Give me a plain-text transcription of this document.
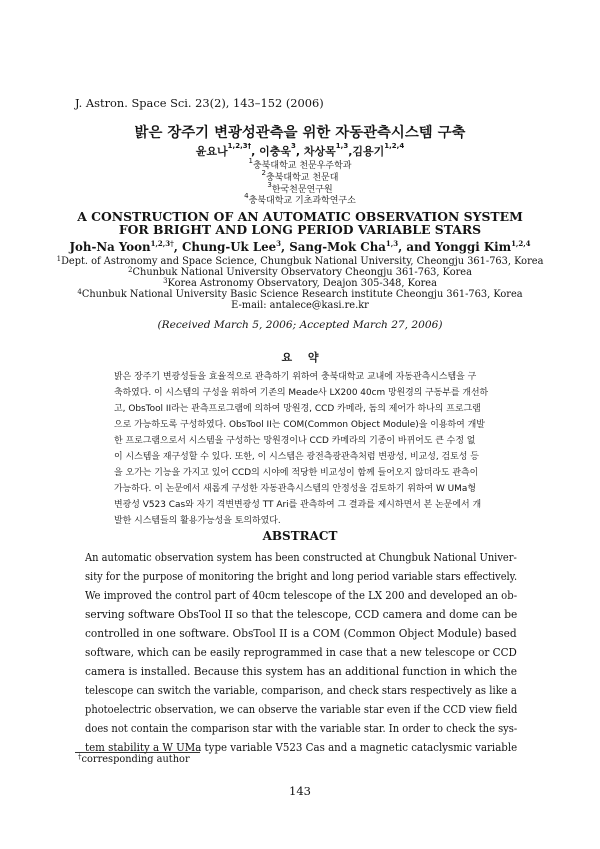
J. Astron. Space Sci. 23(2), 143–152 (2006)
밝은 장주기 변광성관측을 위한 자동관측시스템 구축
윤요나$^{1,2,3\dagger}$, 이충욱$^3$, 차상목$^{1,3}$,김용기$^{1,2,4}$
$^1$충북대학교 천문우주학과
$^2$충북대학교 천문대
$^3$한국천문연구원
$^4$충북대학교 기초과학연구소
A CONSTRUCTION OF AN AUTOMATIC OBSERVATION SYSTEM
FOR BRIGHT AND LONG PERIOD VARIABLE STARS
Joh-Na Yoon$^{1,2,3\dagger}$, Chung-Uk Lee$^3$, Sang-Mok Cha$^{1,3}$, and Yonggi Kim$^{1,2,4}$
$^1$Dept. of Astronomy and Space Science, Chungbuk National University, Cheongju 361-763, Korea
$^2$Chunbuk National University Observatory Cheongju 361-763, Korea
$^3$Korea Astronomy Observatory, Deajon 305-348, Korea
$^4$Chunbuk National University Basic Science Research institute Cheongju 361-763, Korea
E-mail: antalece@kasi.re.kr
(Received March 5, 2006; Accepted March 27, 2006)
요 약
밝은 장주기 변광성들을 효율적으로 관측하기 위하여 충북대학교 교내에 자동관측시스템을 구
축하였다. 이 시스템의 구성을 위하여 기존의 Meade사 LX200 40cm 망원경의 구동부를 개선하
고, ObsTool II라는 관측프로그램에 의하여 망원경, CCD 카메라, 돔의 제어가 하나의 프로그램
으로 가능하도록 구성하였다. ObsTool II는 COM(Common Object Module)을 이용하여 개발
한 프로그램으로서 시스템을 구성하는 망원경이나 CCD 카메라의 기종이 바뀌어도 큰 수정 없
이 시스템을 재구성할 수 있다. 또한, 이 시스템은 광전측광관측처럼 변광성, 비교성, 검토성 등
을 오가는 기능을 가지고 있어 CCD의 시야에 적당한 비교성이 함께 들어오지 않더라도 관측이
가능하다. 이 논문에서 새롭게 구성한 자동관측시스템의 안정성을 검토하기 위하여 W UMa형
변광성 V523 Cas와 자기 격변변광성 TT Ari를 관측하여 그 결과를 제시하면서 본 논문에서 개
발한 시스템들의 활용가능성을 토의하였다.
ABSTRACT
An automatic observation system has been constructed at Chungbuk National Univer-
sity for the purpose of monitoring the bright and long period variable stars effectively.
We improved the control part of 40cm telescope of the LX 200 and developed an ob-
serving software ObsTool II so that the telescope, CCD camera and dome can be
controlled in one software. ObsTool II is a COM (Common Object Module) based
software, which can be easily reprogrammed in case that a new telescope or CCD
camera is installed. Because this system has an additional function in which the
telescope can switch the variable, comparison, and check stars respectively as like a
photoelectric observation, we can observe the variable star even if the CCD view field
does not contain the comparison star with the variable star. In order to check the sys-
tem stability a W UMa type variable V523 Cas and a magnetic cataclysmic variable
†corresponding author
143
